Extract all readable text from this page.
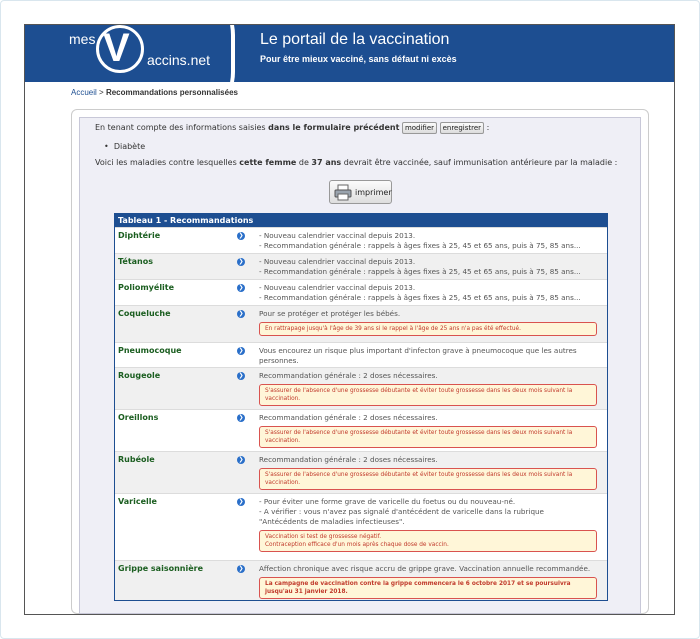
mes V accins.net
Le portail de la vaccination
Pour être mieux vacciné, sans défaut ni excès
Accueil > Recommandations personnalisées
En tenant compte des informations saisies dans le formulaire précédent modifier enregistrer :
•  Diabète
Voici les maladies contre lesquelles cette femme de 37 ans devrait être vaccinée, sauf immunisation antérieure par la maladie :
imprimer
Tableau 1 - Recommandations
Diphtérie	❯ - Nouveau calendrier vaccinal depuis 2013.
- Recommandation générale : rappels à âges fixes à 25, 45 et 65 ans, puis à 75, 85 ans...
Tétanos	❯ - Nouveau calendrier vaccinal depuis 2013.
- Recommandation générale : rappels à âges fixes à 25, 45 et 65 ans, puis à 75, 85 ans...
Poliomyélite	❯ - Nouveau calendrier vaccinal depuis 2013.
- Recommandation générale : rappels à âges fixes à 25, 45 et 65 ans, puis à 75, 85 ans...
Coqueluche	❯ Pour se protéger et protéger les bébés.
En rattrapage jusqu'à l'âge de 39 ans si le rappel à l'âge de 25 ans n'a pas été effectué.
Pneumocoque	❯ Vous encourez un risque plus important d'infecton grave à pneumocoque que les autres
personnes.
Rougeole	❯ Recommandation générale : 2 doses nécessaires.
S'assurer de l'absence d'une grossesse débutante et éviter toute grossesse dans les deux mois suivant la vaccination.
Oreillons	❯ Recommandation générale : 2 doses nécessaires.
S'assurer de l'absence d'une grossesse débutante et éviter toute grossesse dans les deux mois suivant la vaccination.
Rubéole	❯ Recommandation générale : 2 doses nécessaires.
S'assurer de l'absence d'une grossesse débutante et éviter toute grossesse dans les deux mois suivant la vaccination.
Varicelle	❯ - Pour éviter une forme grave de varicelle du foetus ou du nouveau-né.
- A vérifier : vous n'avez pas signalé d'antécédent de varicelle dans la rubrique
"Antécédents de maladies infectieuses".
Vaccination si test de grossesse négatif.
Contraception efficace d'un mois après chaque dose de vaccin.
Grippe saisonnière	❯ Affection chronique avec risque accru de grippe grave. Vaccination annuelle recommandée.
La campagne de vaccination contre la grippe commencera le 6 octobre 2017 et se poursuivra jusqu'au 31 janvier 2018.
